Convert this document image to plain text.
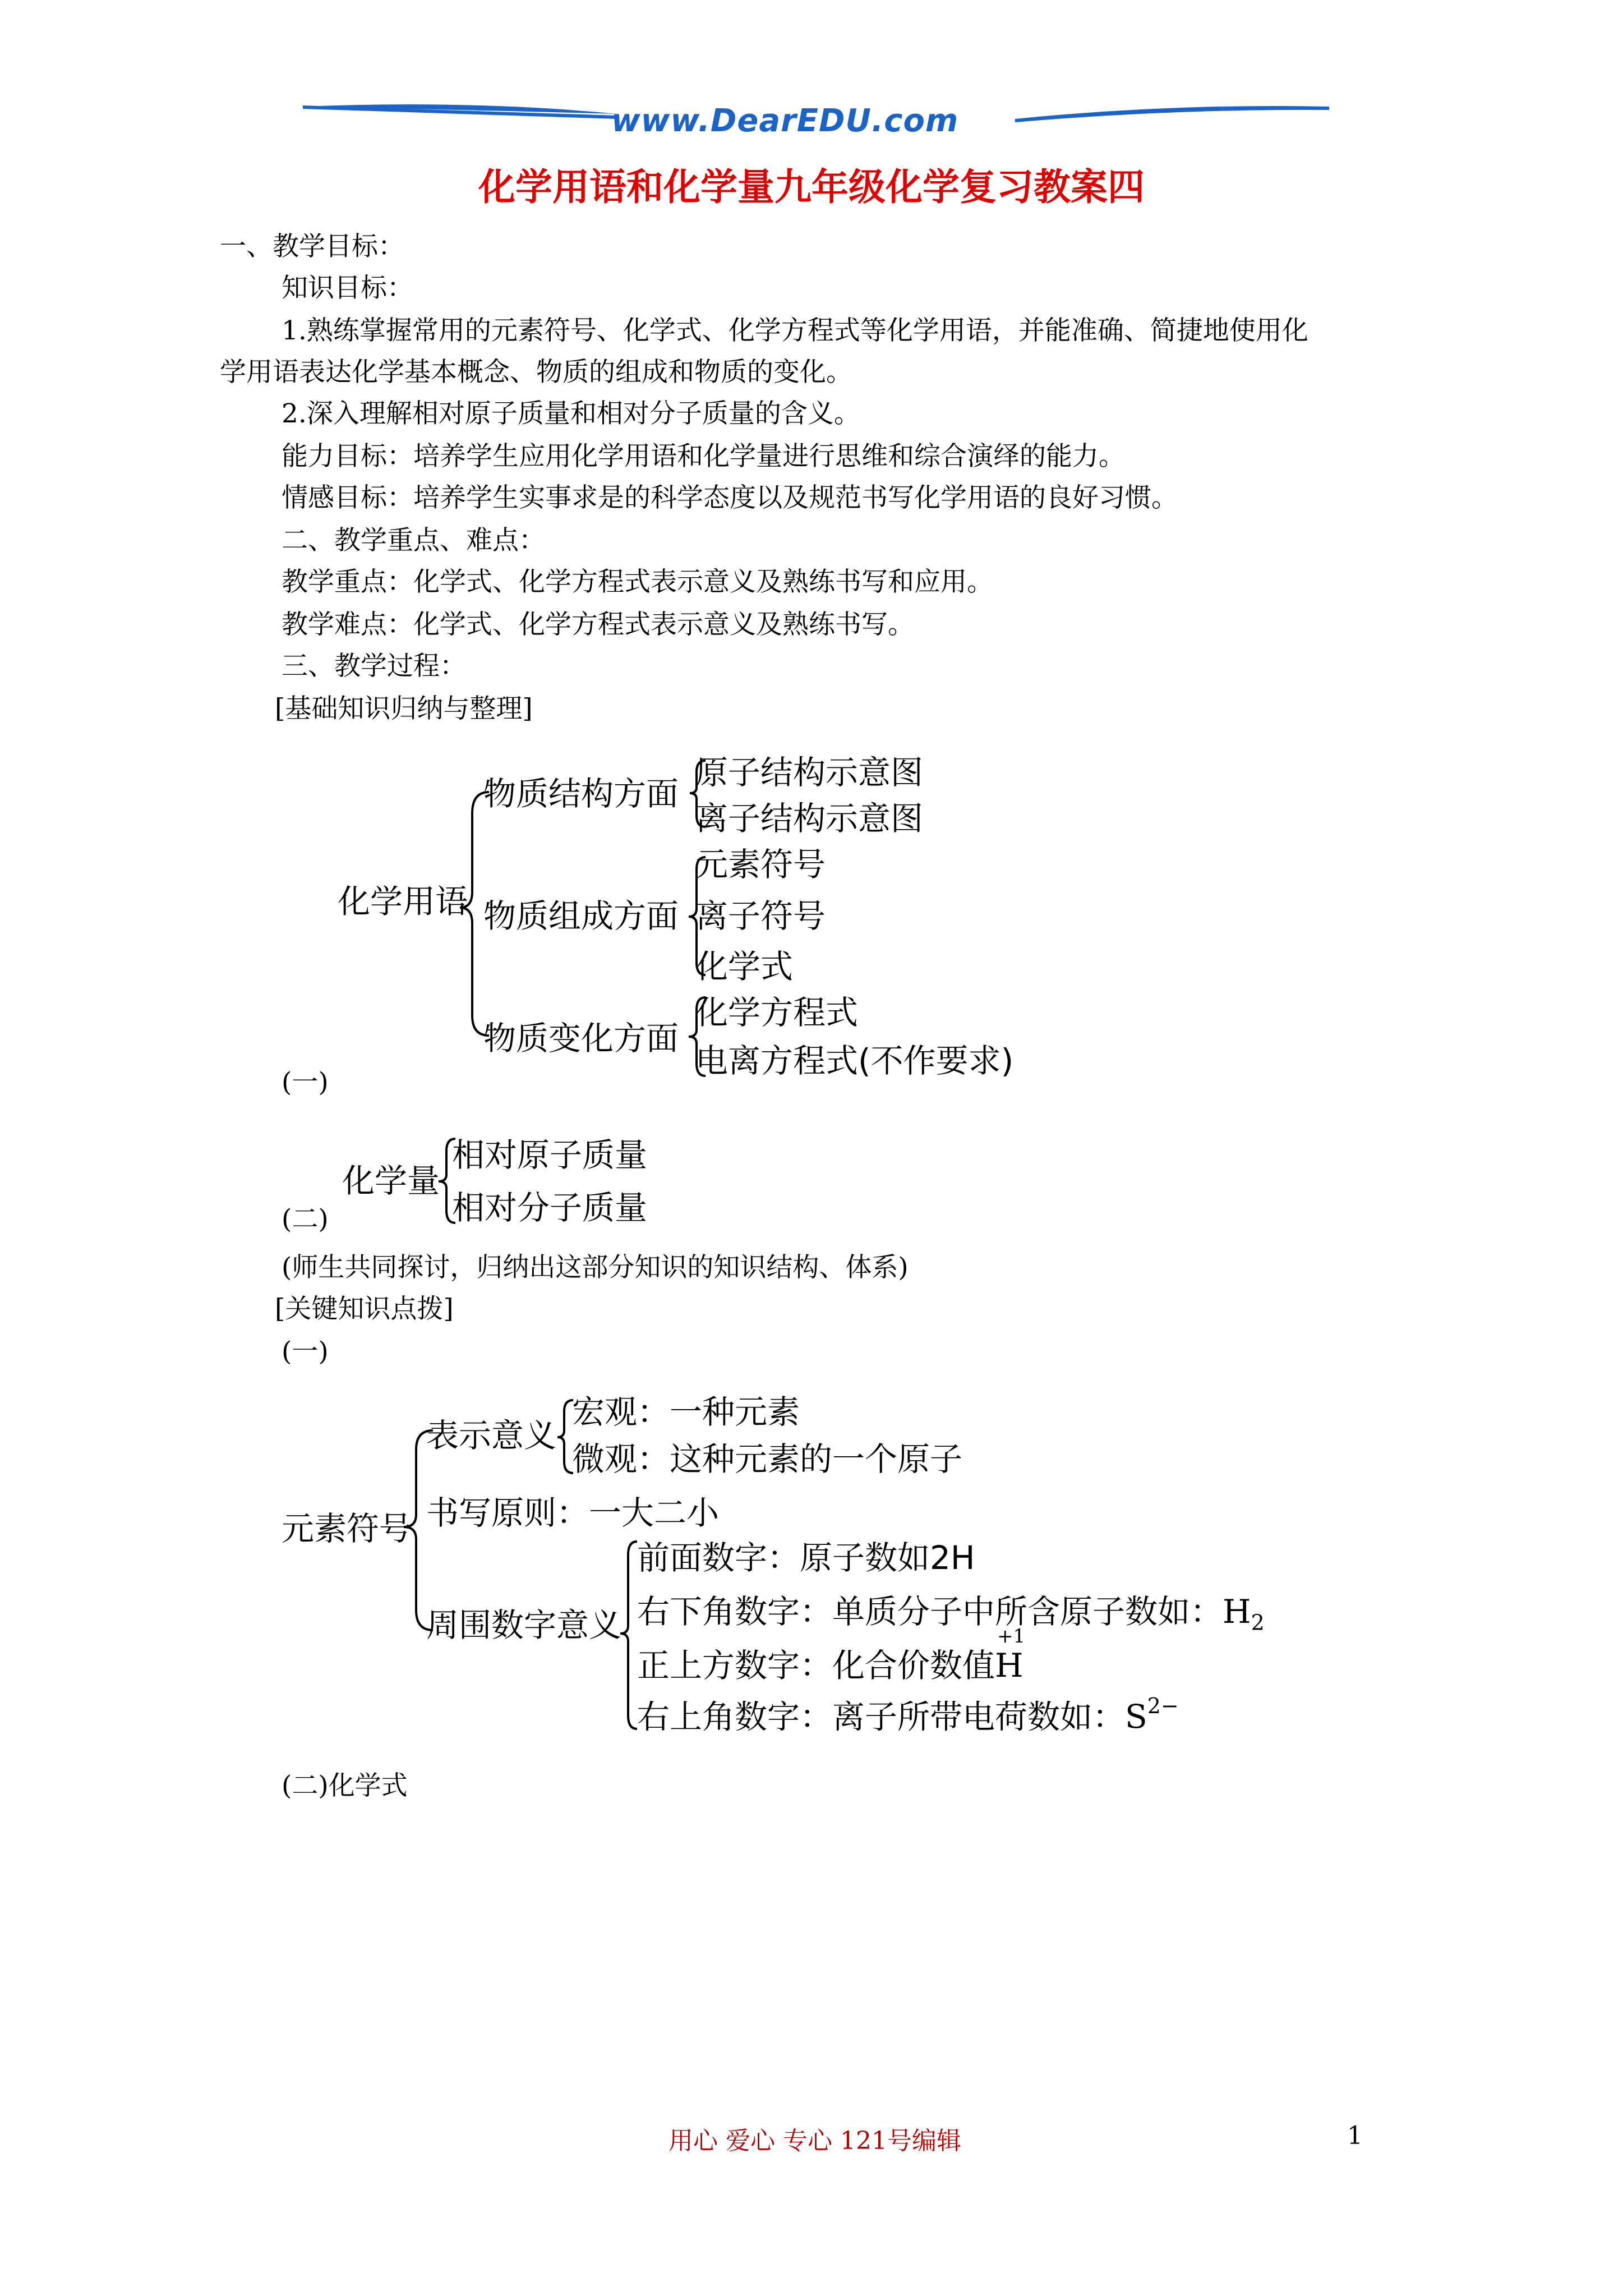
www.DearEDU.com
化学用语和化学量九年级化学复习教案四
一、教学目标：
知识目标：
1.熟练掌握常用的元素符号、化学式、化学方程式等化学用语，并能准确、简捷地使用化
学用语表达化学基本概念、物质的组成和物质的变化。
2.深入理解相对原子质量和相对分子质量的含义。
能力目标：培养学生应用化学用语和化学量进行思维和综合演绎的能力。
情感目标：培养学生实事求是的科学态度以及规范书写化学用语的良好习惯。
二、教学重点、难点：
教学重点：化学式、化学方程式表示意义及熟练书写和应用。
教学难点：化学式、化学方程式表示意义及熟练书写。
三、教学过程：
[基础知识归纳与整理]
化学用语
物质结构方面
原子结构示意图
离子结构示意图
物质组成方面
元素符号
离子符号
化学式
物质变化方面
化学方程式
电离方程式(不作要求)
(一)
化学量
相对原子质量
相对分子质量
(二)
(师生共同探讨，归纳出这部分知识的知识结构、体系)
[关键知识点拨]
(一)
元素符号
表示意义
宏观：一种元素
微观：这种元素的一个原子
书写原则：一大二小
周围数字意义
前面数字：原子数如2H
右下角数字：单质分子中所含原子数如：$H_2$
正上方数字：化合价数值
+1
H
右上角数字：离子所带电荷数如：$S^{2-}$
(二)化学式
用心 爱心 专心 121号编辑	1
